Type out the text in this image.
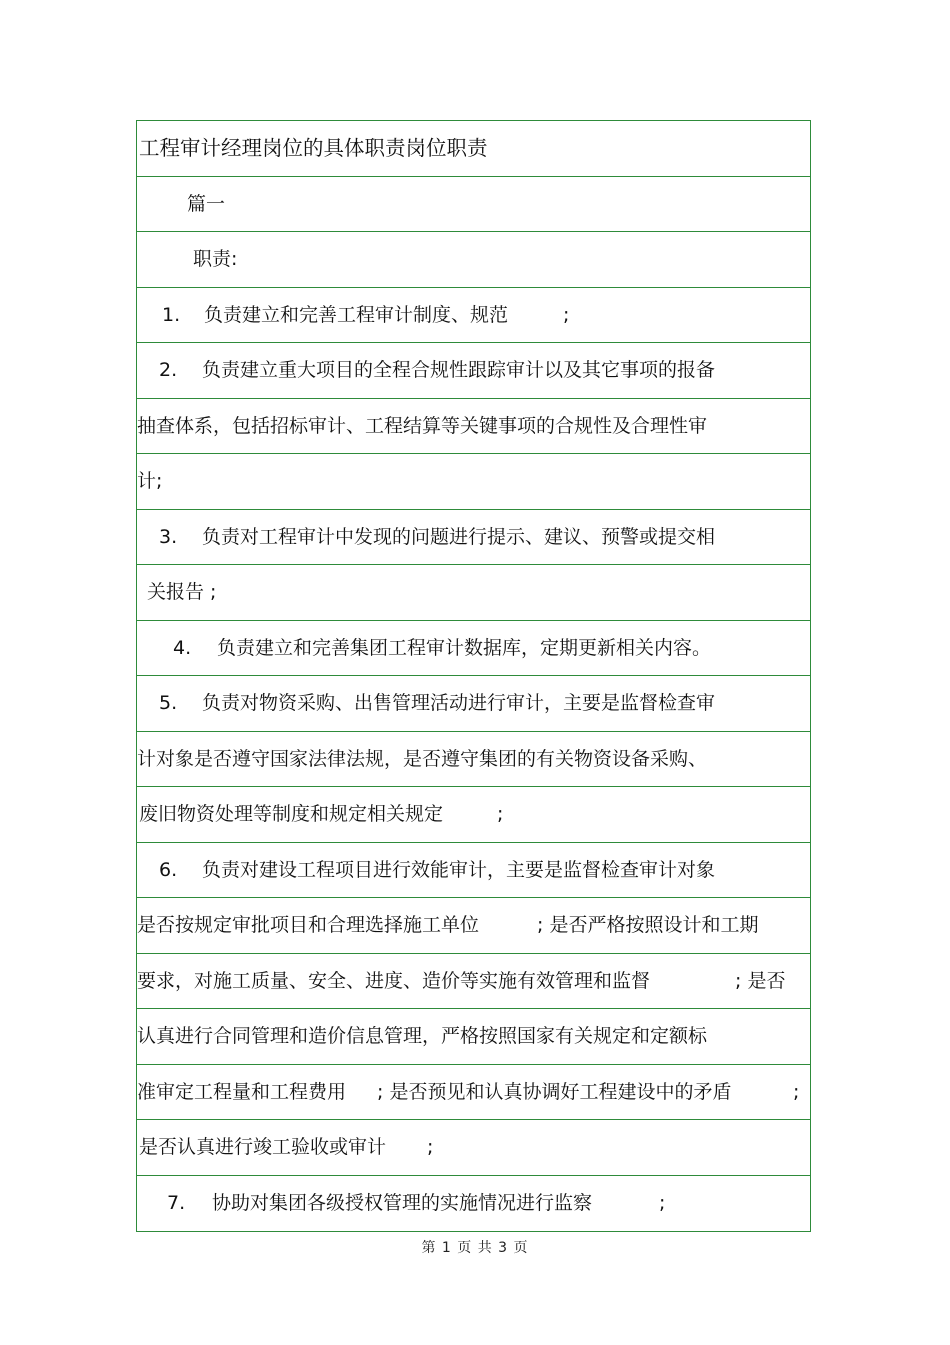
工程审计经理岗位的具体职责岗位职责
篇一
职责:
1. 负责建立和完善工程审计制度、规范	;
2. 负责建立重大项目的全程合规性跟踪审计以及其它事项的报备
抽查体系，包括招标审计、工程结算等关键事项的合规性及合理性审
计;
3. 负责对工程审计中发现的问题进行提示、建议、预警或提交相
关报告 ;
4. 负责建立和完善集团工程审计数据库，定期更新相关内容。
5. 负责对物资采购、出售管理活动进行审计，主要是监督检查审
计对象是否遵守国家法律法规，是否遵守集团的有关物资设备采购、
废旧物资处理等制度和规定相关规定	;
6. 负责对建设工程项目进行效能审计，主要是监督检查审计对象
是否按规定审批项目和合理选择施工单位	; 是否严格按照设计和工期
要求，对施工质量、安全、进度、造价等实施有效管理和监督	; 是否
认真进行合同管理和造价信息管理，严格按照国家有关规定和定额标
准审定工程量和工程费用 ; 是否预见和认真协调好工程建设中的矛盾	;
是否认真进行竣工验收或审计 ;
7. 协助对集团各级授权管理的实施情况进行监察	;
第 1 页 共 3 页
